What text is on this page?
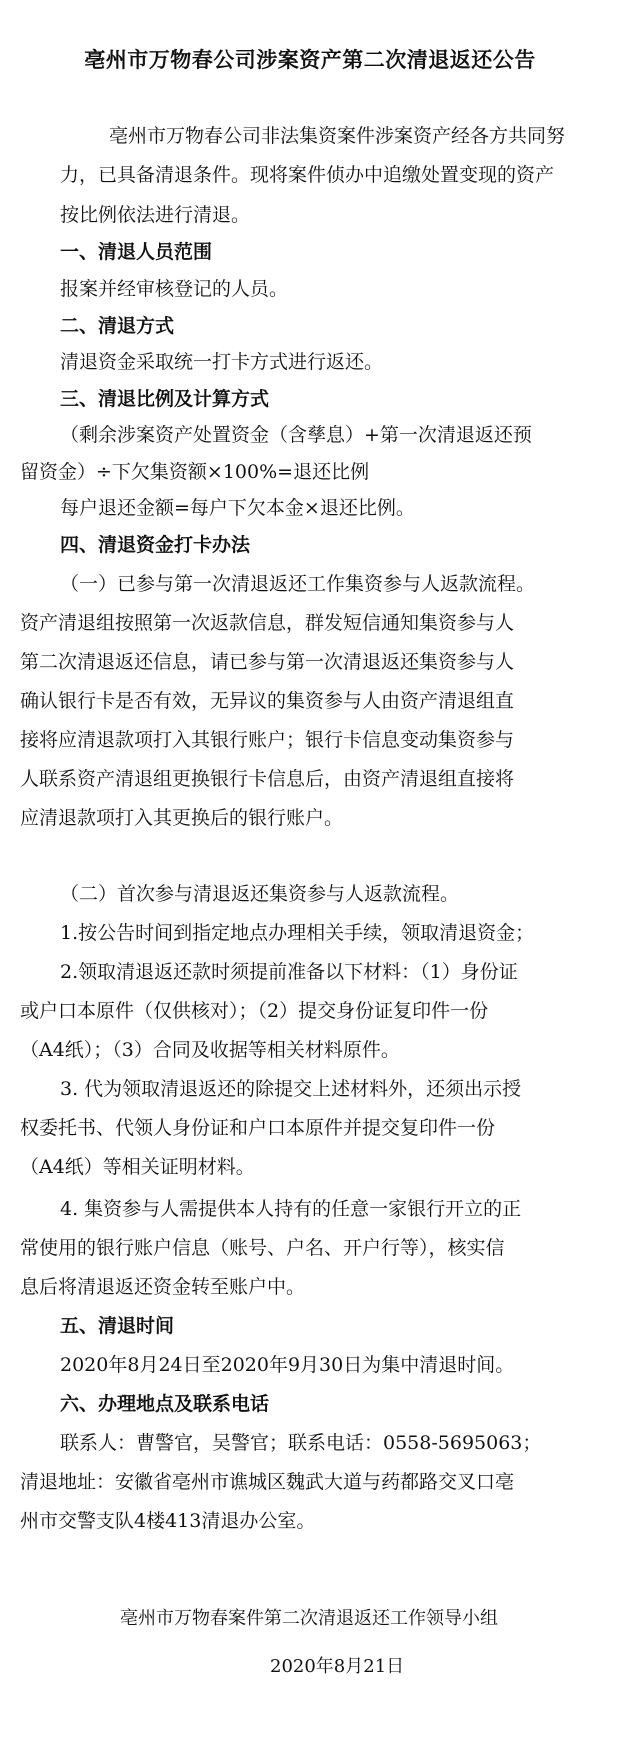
亳州市万物春公司涉案资产第二次清退返还公告
亳州市万物春公司非法集资案件涉案资产经各方共同努
力，已具备清退条件。现将案件侦办中追缴处置变现的资产
按比例依法进行清退。
一、清退人员范围
报案并经审核登记的人员。
二、清退方式
清退资金采取统一打卡方式进行返还。
三、清退比例及计算方式
（剩余涉案资产处置资金（含孳息）+第一次清退返还预
留资金）÷下欠集资额×100%=退还比例
每户退还金额=每户下欠本金×退还比例。
四、清退资金打卡办法
（一）已参与第一次清退返还工作集资参与人返款流程。
资产清退组按照第一次返款信息，群发短信通知集资参与人
第二次清退返还信息，请已参与第一次清退返还集资参与人
确认银行卡是否有效，无异议的集资参与人由资产清退组直
接将应清退款项打入其银行账户；银行卡信息变动集资参与
人联系资产清退组更换银行卡信息后，由资产清退组直接将
应清退款项打入其更换后的银行账户。
（二）首次参与清退返还集资参与人返款流程。
1.按公告时间到指定地点办理相关手续，领取清退资金；
2.领取清退返还款时须提前准备以下材料：（1）身份证
或户口本原件（仅供核对）；（2）提交身份证复印件一份
（A4纸）；（3）合同及收据等相关材料原件。
3. 代为领取清退返还的除提交上述材料外，还须出示授
权委托书、代领人身份证和户口本原件并提交复印件一份
（A4纸）等相关证明材料。
4. 集资参与人需提供本人持有的任意一家银行开立的正
常使用的银行账户信息（账号、户名、开户行等），核实信
息后将清退返还资金转至账户中。
五、清退时间
2020年8月24日至2020年9月30日为集中清退时间。
六、办理地点及联系电话
联系人：曹警官，吴警官；联系电话：0558-5695063；
清退地址：安徽省亳州市谯城区魏武大道与药都路交叉口亳
州市交警支队4楼413清退办公室。
亳州市万物春案件第二次清退返还工作领导小组
2020年8月21日
